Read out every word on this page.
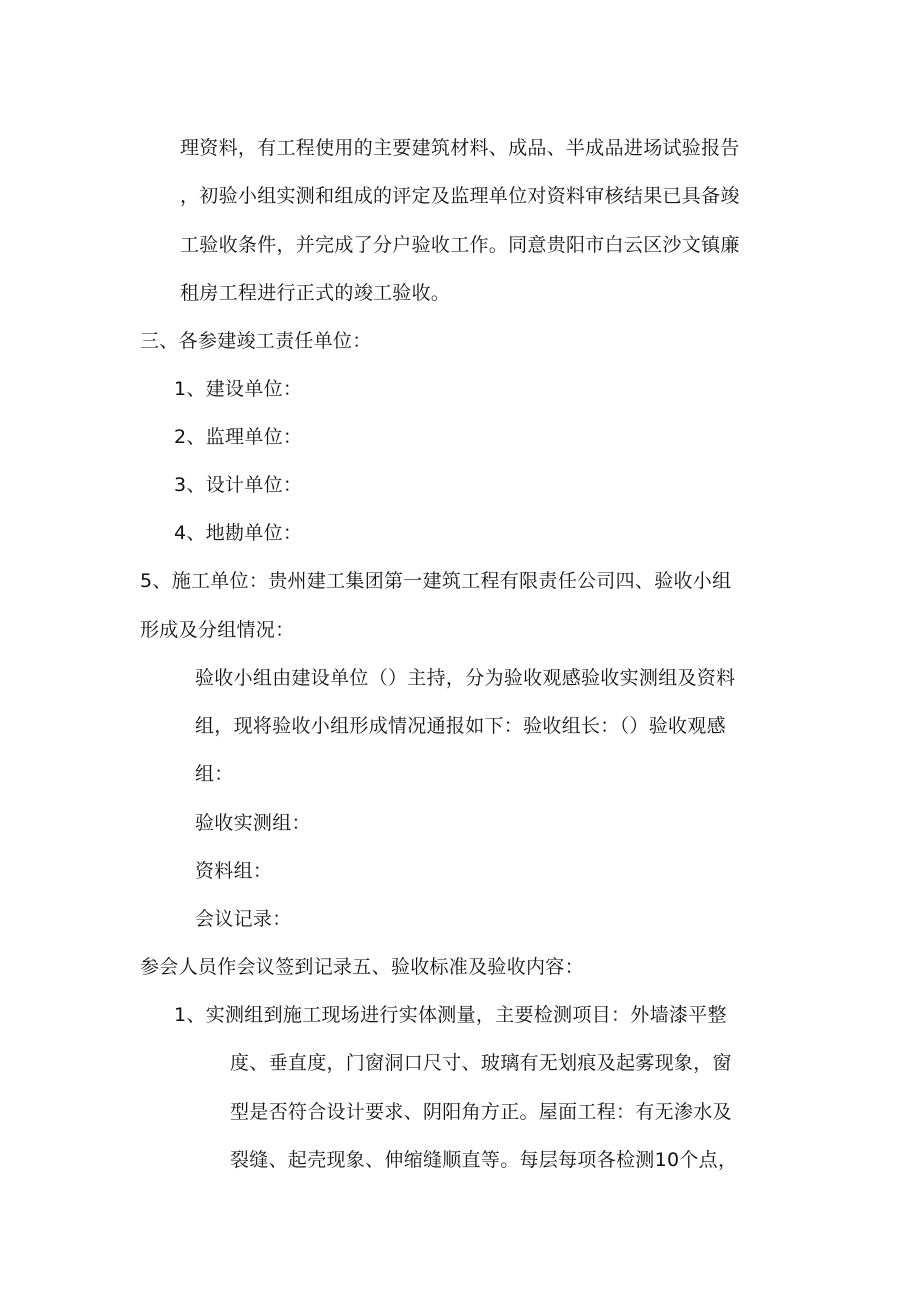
理资料，有工程使用的主要建筑材料、成品、半成品进场试验报告
，初验小组实测和组成的评定及监理单位对资料审核结果已具备竣
工验收条件，并完成了分户验收工作。同意贵阳市白云区沙文镇廉
租房工程进行正式的竣工验收。
三、各参建竣工责任单位：
1、建设单位：
2、监理单位：
3、设计单位：
4、地勘单位：
5、施工单位：贵州建工集团第一建筑工程有限责任公司四、验收小组
形成及分组情况：
验收小组由建设单位（）主持，分为验收观感验收实测组及资料
组，现将验收小组形成情况通报如下：验收组长：（）验收观感
组：
验收实测组：
资料组：
会议记录：
参会人员作会议签到记录五、验收标准及验收内容：
1、实测组到施工现场进行实体测量，主要检测项目：外墙漆平整
度、垂直度，门窗洞口尺寸、玻璃有无划痕及起雾现象，窗
型是否符合设计要求、阴阳角方正。屋面工程：有无渗水及
裂缝、起壳现象、伸缩缝顺直等。每层每项各检测10个点，
